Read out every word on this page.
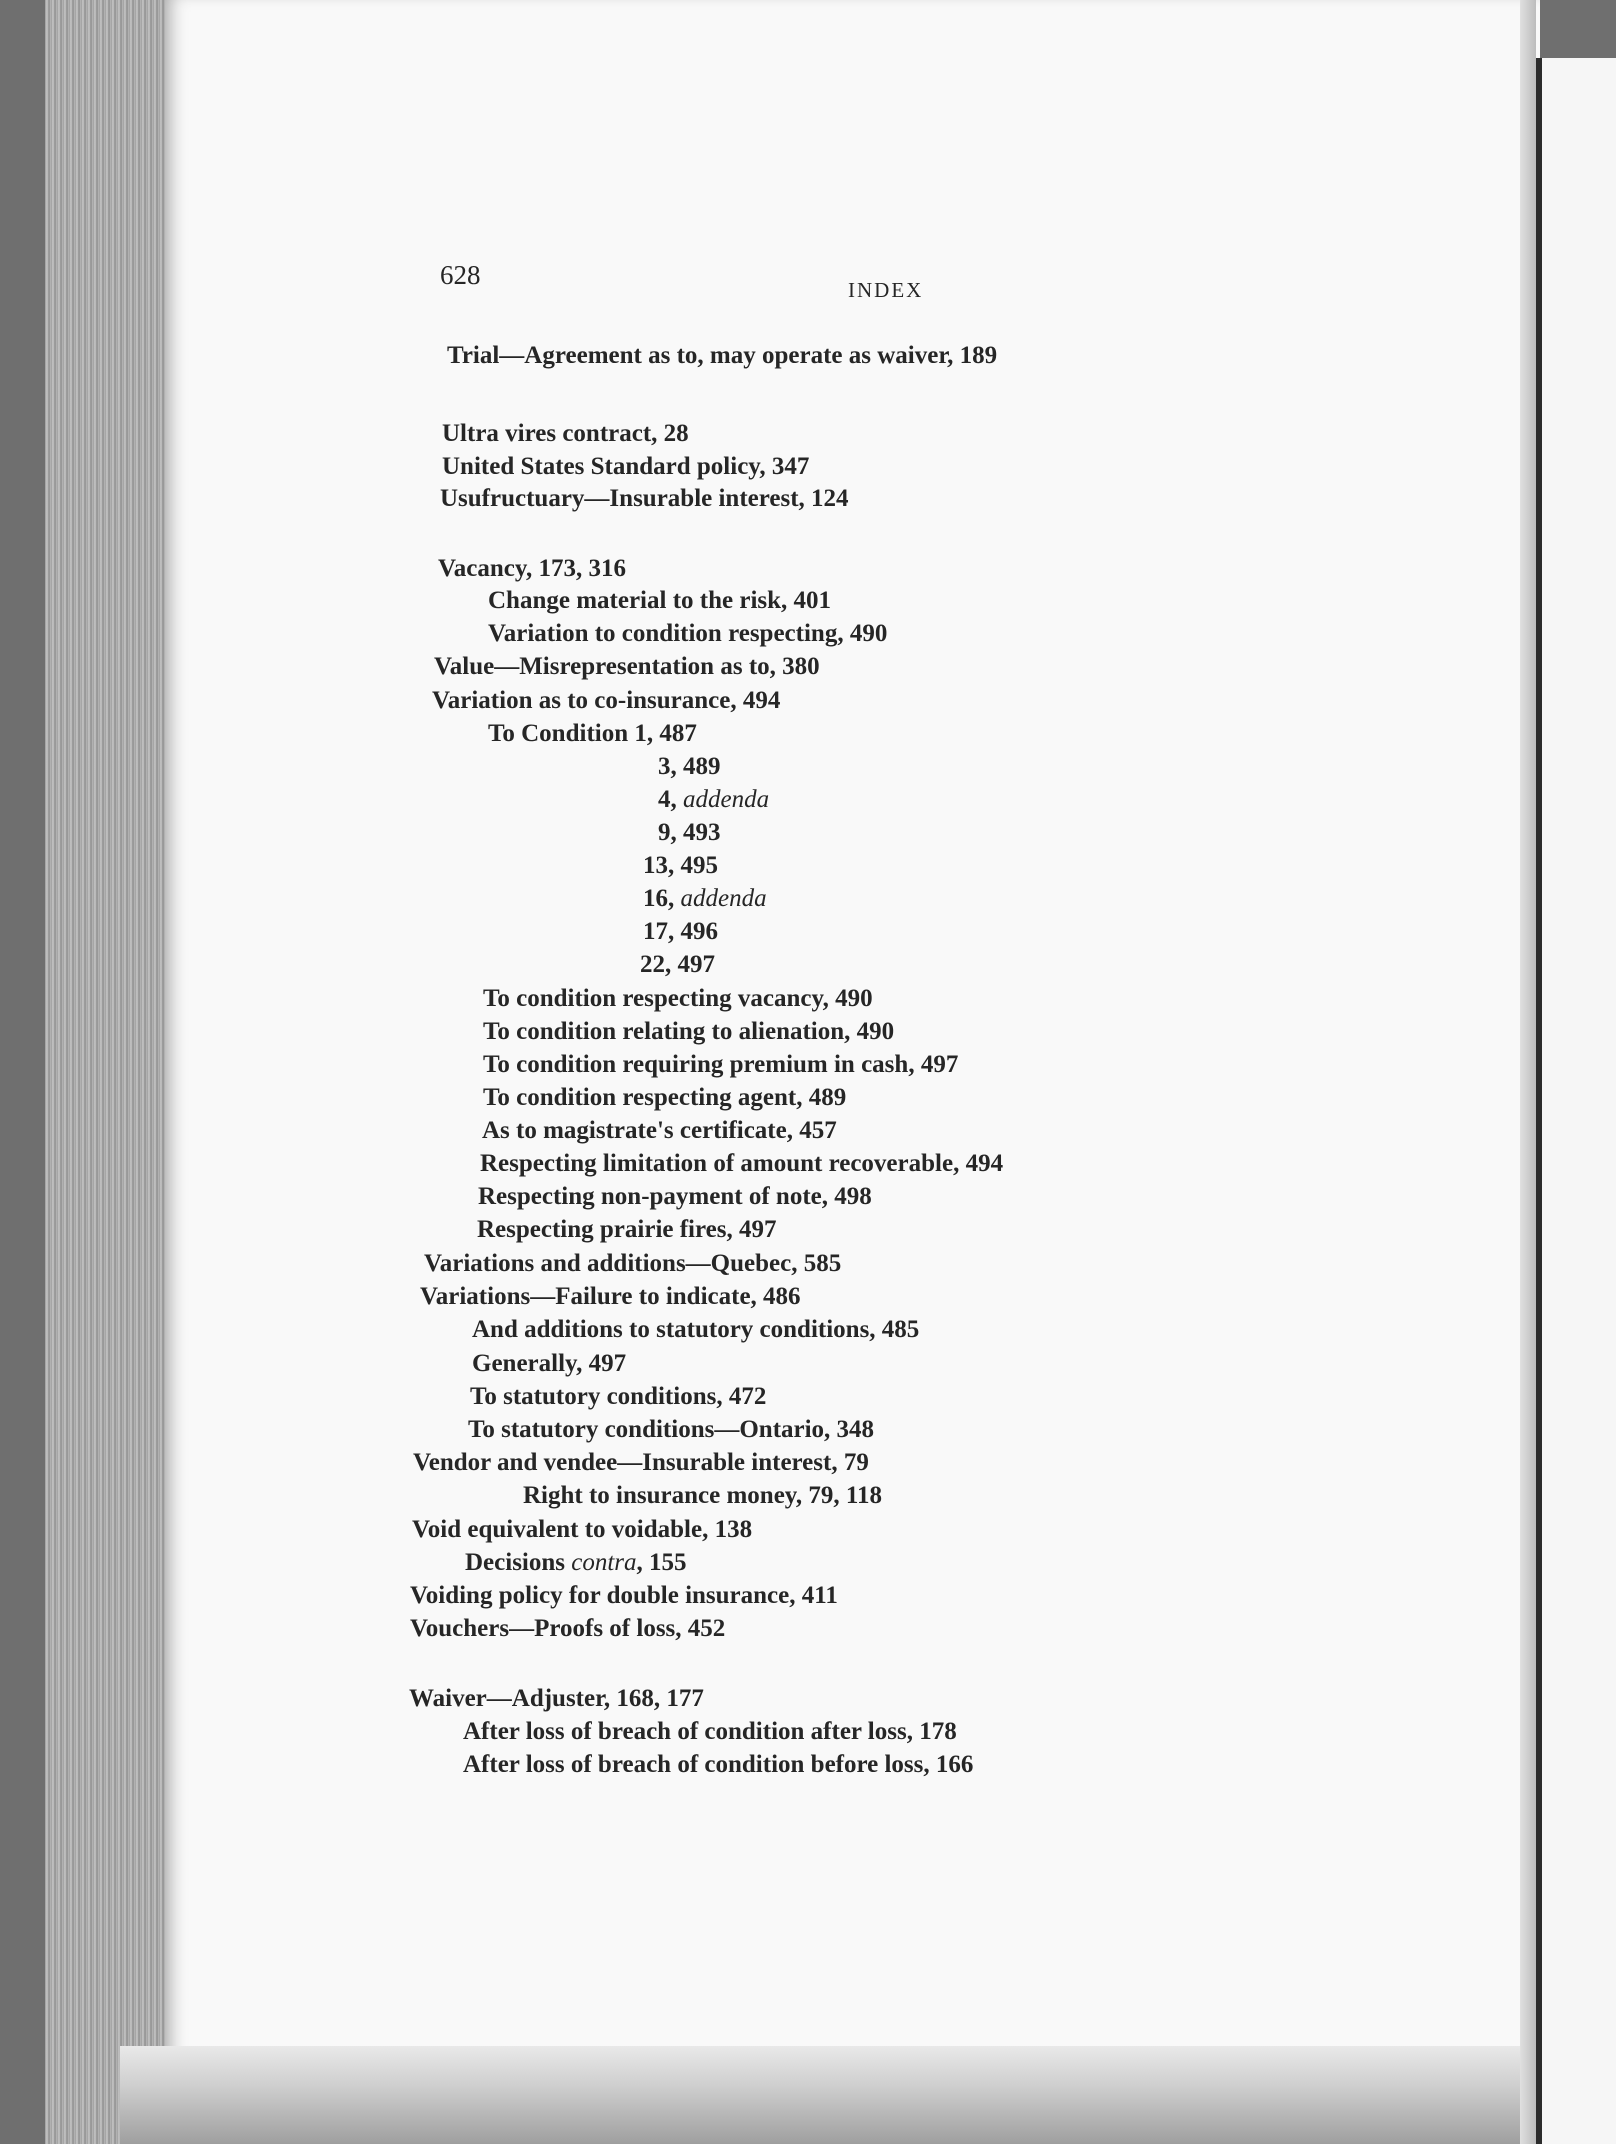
628	INDEX

Trial—Agreement as to, may operate as waiver, 189

Ultra vires contract, 28

United States Standard policy, 347

Usufructuary—Insurable interest, 124

Vacancy, 173, 316

Change material to the risk, 401

Variation to condition respecting, 490

Value—Misrepresentation as to, 380

Variation as to co-insurance, 494

To Condition 1, 487

3, 489

4, addenda

9, 493

13, 495

16, addenda

17, 496

22, 497

To condition respecting vacancy, 490

To condition relating to alienation, 490

To condition requiring premium in cash, 497

To condition respecting agent, 489

As to magistrate's certificate, 457

Respecting limitation of amount recoverable, 494

Respecting non-payment of note, 498

Respecting prairie fires, 497

Variations and additions—Quebec, 585

Variations—Failure to indicate, 486

And additions to statutory conditions, 485

Generally, 497

To statutory conditions, 472

To statutory conditions—Ontario, 348

Vendor and vendee—Insurable interest, 79

Right to insurance money, 79, 118

Void equivalent to voidable, 138

Decisions contra, 155

Voiding policy for double insurance, 411

Vouchers—Proofs of loss, 452

Waiver—Adjuster, 168, 177

After loss of breach of condition after loss, 178

After loss of breach of condition before loss, 166
